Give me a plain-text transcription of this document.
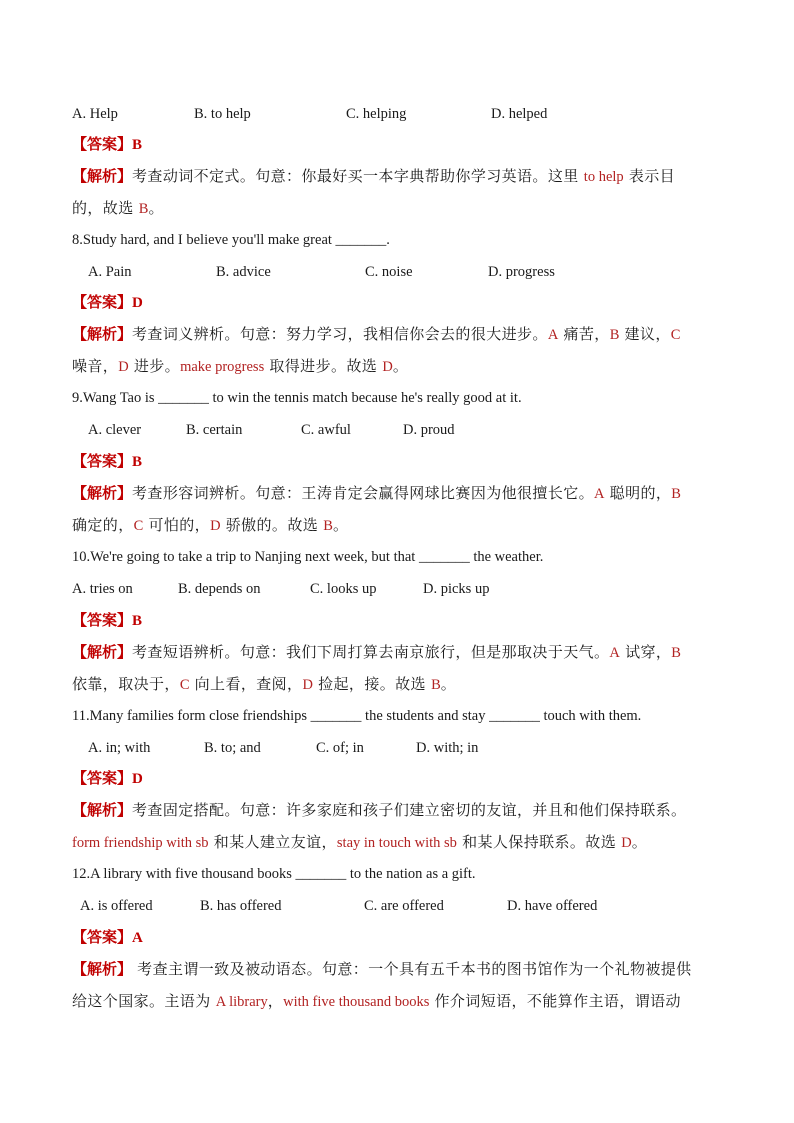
A. Help	B. to help	C. helping	D. helped
【答案】B
【解析】考查动词不定式。句意：你最好买一本字典帮助你学习英语。这里 to help 表示目
的，故选 B。
8.Study hard, and I believe you'll make great _______.
A. Pain	B. advice	C. noise	D. progress
【答案】D
【解析】考查词义辨析。句意：努力学习，我相信你会去的很大进步。A 痛苦，B 建议，C
噪音，D 进步。make progress 取得进步。故选 D。
9.Wang Tao is _______ to win the tennis match because he's really good at it.
A. clever	B. certain	C. awful	D. proud
【答案】B
【解析】考查形容词辨析。句意：王涛肯定会赢得网球比赛因为他很擅长它。A 聪明的，B
确定的，C 可怕的，D 骄傲的。故选 B。
10.We're going to take a trip to Nanjing next week, but that _______ the weather.
A. tries on	B. depends on	C. looks up	D. picks up
【答案】B
【解析】考查短语辨析。句意：我们下周打算去南京旅行，但是那取决于天气。A 试穿，B
依靠，取决于，C 向上看，查阅，D 捡起，接。故选 B。
11.Many families form close friendships _______ the students and stay _______ touch with them.
A. in; with	B. to; and	C. of; in	D. with; in
【答案】D
【解析】考查固定搭配。句意：许多家庭和孩子们建立密切的友谊，并且和他们保持联系。
form friendship with sb 和某人建立友谊，stay in touch with sb 和某人保持联系。故选 D。
12.A library with five thousand books _______ to the nation as a gift.
A. is offered	B. has offered	C. are offered	D. have offered
【答案】A
【解析】 考查主谓一致及被动语态。句意：一个具有五千本书的图书馆作为一个礼物被提供
给这个国家。主语为 A library，with five thousand books 作介词短语，不能算作主语，谓语动
